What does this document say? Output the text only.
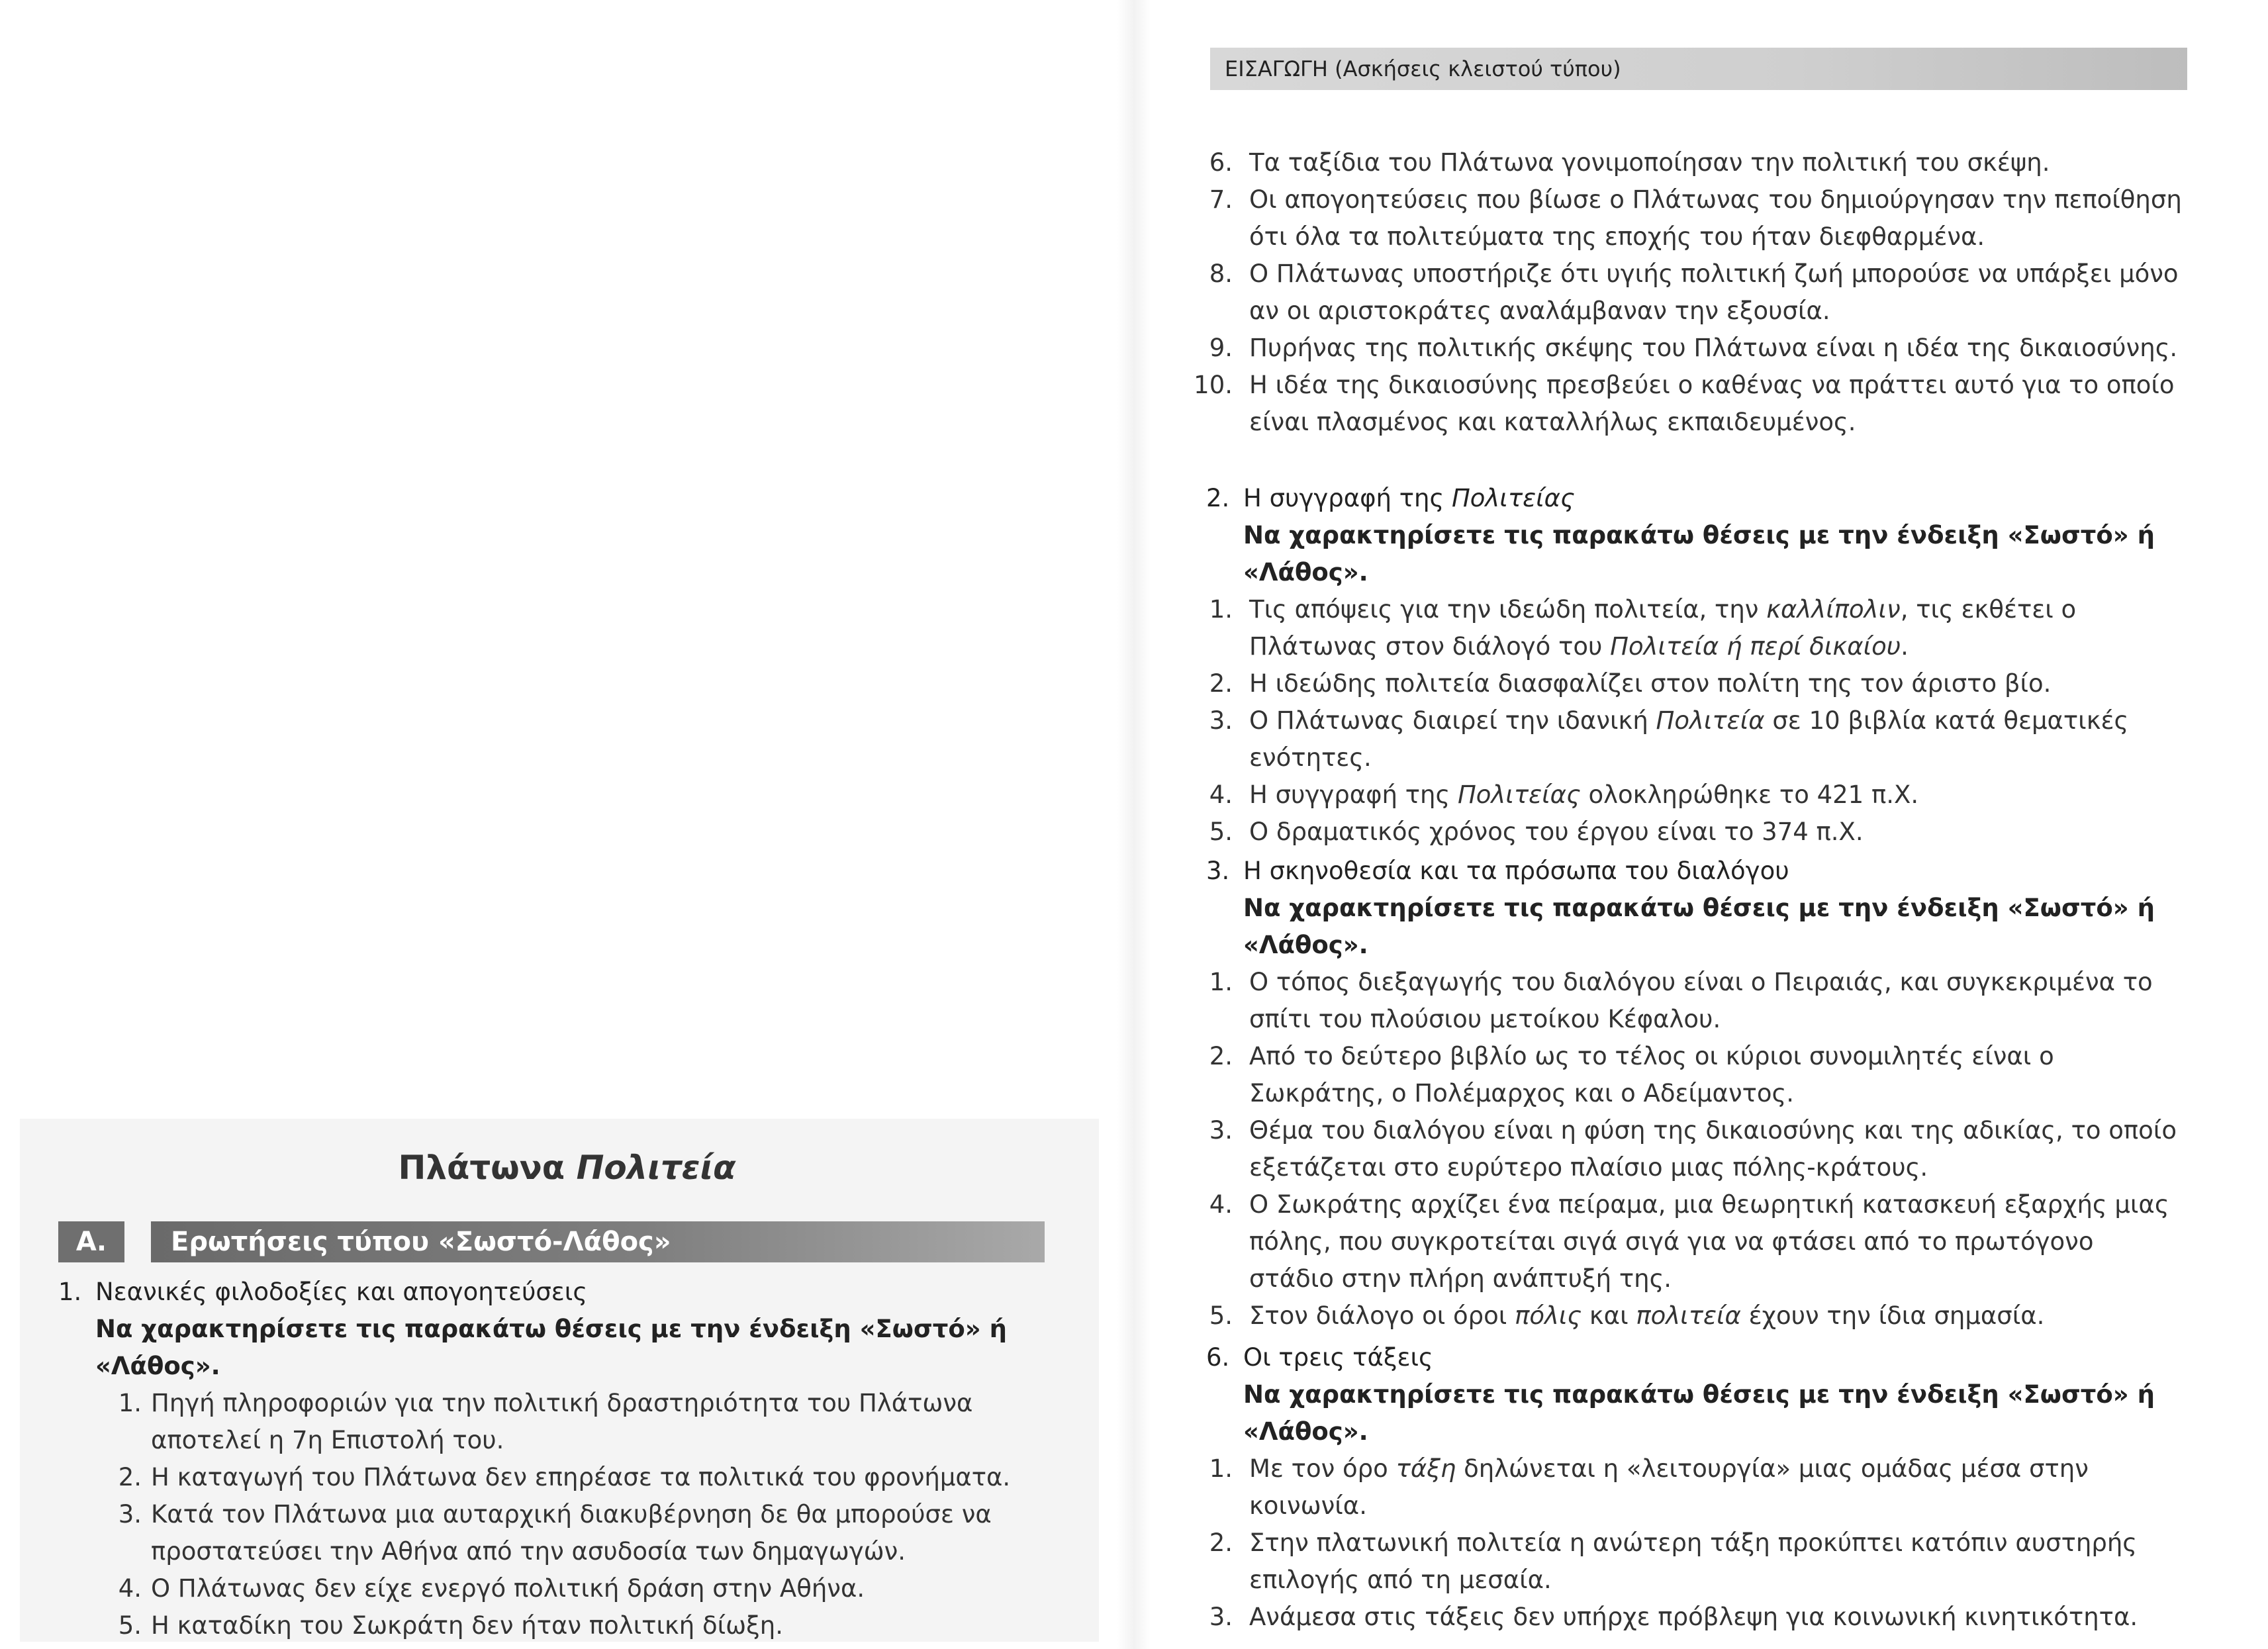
Πλάτωνα Πολιτεία
Α.	Ερωτήσεις τύπου «Σωστό-Λάθος»
1. Νεανικές φιλοδοξίες και απογοητεύσεις
Να χαρακτηρίσετε τις παρακάτω θέσεις με την ένδειξη «Σωστό» ή «Λάθος».
1. Πηγή πληροφοριών για την πολιτική δραστηριότητα του Πλάτωνα αποτελεί η 7η Επιστολή του.
2. Η καταγωγή του Πλάτωνα δεν επηρέασε τα πολιτικά του φρονήματα.
3. Κατά τον Πλάτωνα μια αυταρχική διακυβέρνηση δε θα μπορούσε να προστατεύσει την Αθήνα από την ασυδοσία των δημαγωγών.
4. Ο Πλάτωνας δεν είχε ενεργό πολιτική δράση στην Αθήνα.
5. Η καταδίκη του Σωκράτη δεν ήταν πολιτική δίωξη.
ΕΙΣΑΓΩΓΗ (Ασκήσεις κλειστού τύπου)
6. Τα ταξίδια του Πλάτωνα γονιμοποίησαν την πολιτική του σκέψη.
7. Οι απογοητεύσεις που βίωσε ο Πλάτωνας του δημιούργησαν την πεποίθηση ότι όλα τα πολιτεύματα της εποχής του ήταν διεφθαρμένα.
8. Ο Πλάτωνας υποστήριζε ότι υγιής πολιτική ζωή μπορούσε να υπάρξει μόνο αν οι αριστοκράτες αναλάμβαναν την εξουσία.
9. Πυρήνας της πολιτικής σκέψης του Πλάτωνα είναι η ιδέα της δικαιοσύνης.
10. Η ιδέα της δικαιοσύνης πρεσβεύει ο καθένας να πράττει αυτό για το οποίο είναι πλασμένος και καταλλήλως εκπαιδευμένος.
2. Η συγγραφή της Πολιτείας
Να χαρακτηρίσετε τις παρακάτω θέσεις με την ένδειξη «Σωστό» ή «Λάθος».
1. Τις απόψεις για την ιδεώδη πολιτεία, την καλλίπολιν, τις εκθέτει ο Πλάτωνας στον διάλογό του Πολιτεία ή περί δικαίου.
2. Η ιδεώδης πολιτεία διασφαλίζει στον πολίτη της τον άριστο βίο.
3. Ο Πλάτωνας διαιρεί την ιδανική Πολιτεία σε 10 βιβλία κατά θεματικές ενότητες.
4. Η συγγραφή της Πολιτείας ολοκληρώθηκε το 421 π.Χ.
5. Ο δραματικός χρόνος του έργου είναι το 374 π.Χ.
3. Η σκηνοθεσία και τα πρόσωπα του διαλόγου
Να χαρακτηρίσετε τις παρακάτω θέσεις με την ένδειξη «Σωστό» ή «Λάθος».
1. Ο τόπος διεξαγωγής του διαλόγου είναι ο Πειραιάς, και συγκεκριμένα το σπίτι του πλούσιου μετοίκου Κέφαλου.
2. Από το δεύτερο βιβλίο ως το τέλος οι κύριοι συνομιλητές είναι ο Σωκράτης, ο Πολέμαρχος και ο Αδείμαντος.
3. Θέμα του διαλόγου είναι η φύση της δικαιοσύνης και της αδικίας, το οποίο εξετάζεται στο ευρύτερο πλαίσιο μιας πόλης-κράτους.
4. Ο Σωκράτης αρχίζει ένα πείραμα, μια θεωρητική κατασκευή εξαρχής μιας πόλης, που συγκροτείται σιγά σιγά για να φτάσει από το πρωτόγονο στάδιο στην πλήρη ανάπτυξή της.
5. Στον διάλογο οι όροι πόλις και πολιτεία έχουν την ίδια σημασία.
6. Οι τρεις τάξεις
Να χαρακτηρίσετε τις παρακάτω θέσεις με την ένδειξη «Σωστό» ή «Λάθος».
1. Με τον όρο τάξη δηλώνεται η «λειτουργία» μιας ομάδας μέσα στην κοινωνία.
2. Στην πλατωνική πολιτεία η ανώτερη τάξη προκύπτει κατόπιν αυστηρής επιλογής από τη μεσαία.
3. Ανάμεσα στις τάξεις δεν υπήρχε πρόβλεψη για κοινωνική κινητικότητα.
